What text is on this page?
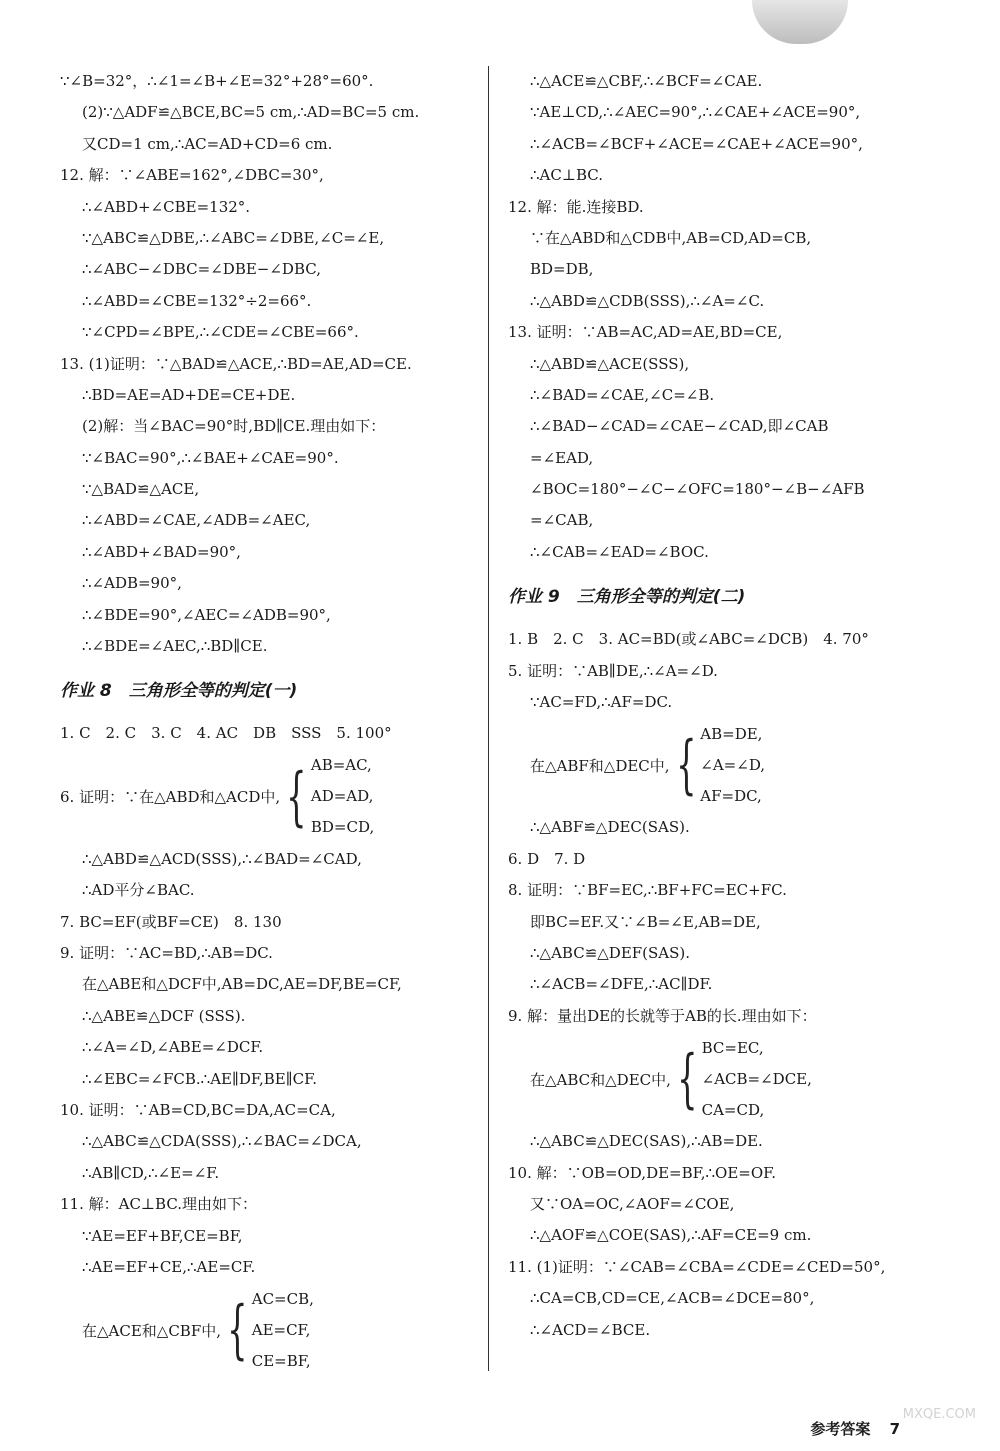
∵∠B=32°，∴∠1=∠B+∠E=32°+28°=60°.
(2)∵△ADF≌△BCE,BC=5 cm,∴AD=BC=5 cm.
又CD=1 cm,∴AC=AD+CD=6 cm.
12. 解：∵∠ABE=162°,∠DBC=30°,
∴∠ABD+∠CBE=132°.
∵△ABC≌△DBE,∴∠ABC=∠DBE,∠C=∠E,
∴∠ABC−∠DBC=∠DBE−∠DBC,
∴∠ABD=∠CBE=132°÷2=66°.
∵∠CPD=∠BPE,∴∠CDE=∠CBE=66°.
13. (1)证明：∵△BAD≌△ACE,∴BD=AE,AD=CE.
∴BD=AE=AD+DE=CE+DE.
(2)解：当∠BAC=90°时,BD∥CE.理由如下：
∵∠BAC=90°,∴∠BAE+∠CAE=90°.
∵△BAD≌△ACE,
∴∠ABD=∠CAE,∠ADB=∠AEC,
∴∠ABD+∠BAD=90°,
∴∠ADB=90°,
∴∠BDE=90°,∠AEC=∠ADB=90°,
∴∠BDE=∠AEC,∴BD∥CE.
作业 8　三角形全等的判定(一)
1. C　2. C　3. C　4. AC　DB　SSS　5. 100°
6. 证明：∵在△ABD和△ACD中, { AB=AC,
AD=AD,
BD=CD,
∴△ABD≌△ACD(SSS),∴∠BAD=∠CAD,
∴AD平分∠BAC.
7. BC=EF(或BF=CE)　8. 130
9. 证明：∵AC=BD,∴AB=DC.
在△ABE和△DCF中,AB=DC,AE=DF,BE=CF,
∴△ABE≌△DCF (SSS).
∴∠A=∠D,∠ABE=∠DCF.
∴∠EBC=∠FCB.∴AE∥DF,BE∥CF.
10. 证明：∵AB=CD,BC=DA,AC=CA,
∴△ABC≌△CDA(SSS),∴∠BAC=∠DCA,
∴AB∥CD,∴∠E=∠F.
11. 解：AC⊥BC.理由如下：
∵AE=EF+BF,CE=BF,
∴AE=EF+CE,∴AE=CF.
在△ACE和△CBF中, { AC=CB,
AE=CF,
CE=BF,
∴△ACE≌△CBF,∴∠BCF=∠CAE.
∵AE⊥CD,∴∠AEC=90°,∴∠CAE+∠ACE=90°,
∴∠ACB=∠BCF+∠ACE=∠CAE+∠ACE=90°,
∴AC⊥BC.
12. 解：能.连接BD.
∵在△ABD和△CDB中,AB=CD,AD=CB,
BD=DB,
∴△ABD≌△CDB(SSS),∴∠A=∠C.
13. 证明：∵AB=AC,AD=AE,BD=CE,
∴△ABD≌△ACE(SSS),
∴∠BAD=∠CAE,∠C=∠B.
∴∠BAD−∠CAD=∠CAE−∠CAD,即∠CAB
=∠EAD,
∠BOC=180°−∠C−∠OFC=180°−∠B−∠AFB
=∠CAB,
∴∠CAB=∠EAD=∠BOC.
作业 9　三角形全等的判定(二)
1. B　2. C　3. AC=BD(或∠ABC=∠DCB)　4. 70°
5. 证明：∵AB∥DE,∴∠A=∠D.
∵AC=FD,∴AF=DC.
在△ABF和△DEC中, { AB=DE,
∠A=∠D,
AF=DC,
∴△ABF≌△DEC(SAS).
6. D　7. D
8. 证明：∵BF=EC,∴BF+FC=EC+FC.
即BC=EF.又∵∠B=∠E,AB=DE,
∴△ABC≌△DEF(SAS).
∴∠ACB=∠DFE,∴AC∥DF.
9. 解：量出DE的长就等于AB的长.理由如下：
在△ABC和△DEC中, { BC=EC,
∠ACB=∠DCE,
CA=CD,
∴△ABC≌△DEC(SAS),∴AB=DE.
10. 解：∵OB=OD,DE=BF,∴OE=OF.
又∵OA=OC,∠AOF=∠COE,
∴△AOF≌△COE(SAS),∴AF=CE=9 cm.
11. (1)证明：∵∠CAB=∠CBA=∠CDE=∠CED=50°,
∴CA=CB,CD=CE,∠ACB=∠DCE=80°,
∴∠ACD=∠BCE.
参考答案 7
MXQE.COM
